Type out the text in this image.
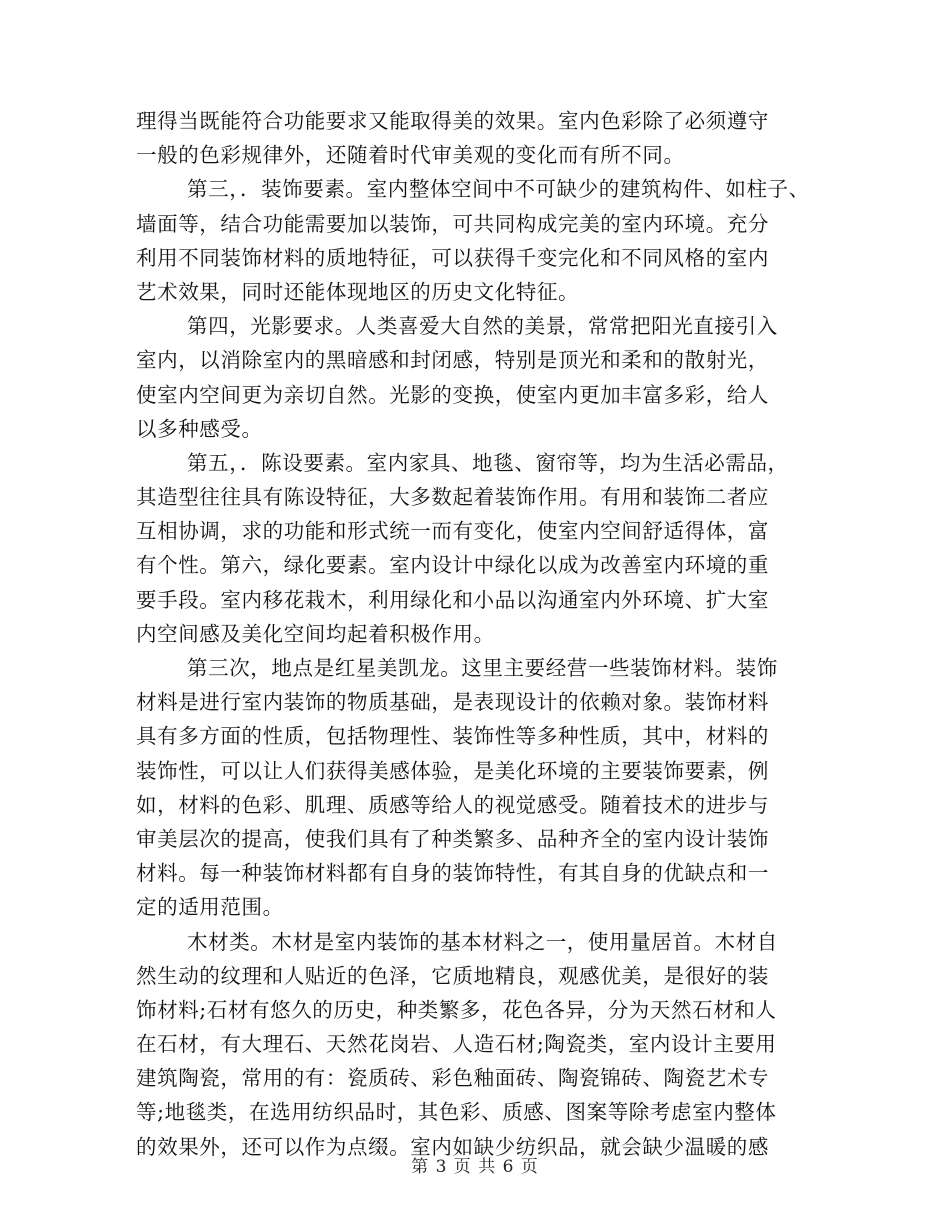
理得当既能符合功能要求又能取得美的效果。室内色彩除了必须遵守
一般的色彩规律外，还随着时代审美观的变化而有所不同。
第三，．装饰要素。室内整体空间中不可缺少的建筑构件、如柱子、
墙面等，结合功能需要加以装饰，可共同构成完美的室内环境。充分
利用不同装饰材料的质地特征，可以获得千变完化和不同风格的室内
艺术效果，同时还能体现地区的历史文化特征。
第四，光影要求。人类喜爱大自然的美景，常常把阳光直接引入
室内，以消除室内的黑暗感和封闭感，特别是顶光和柔和的散射光，
使室内空间更为亲切自然。光影的变换，使室内更加丰富多彩，给人
以多种感受。
第五，．陈设要素。室内家具、地毯、窗帘等，均为生活必需品，
其造型往往具有陈设特征，大多数起着装饰作用。有用和装饰二者应
互相协调，求的功能和形式统一而有变化，使室内空间舒适得体，富
有个性。第六，绿化要素。室内设计中绿化以成为改善室内环境的重
要手段。室内移花栽木，利用绿化和小品以沟通室内外环境、扩大室
内空间感及美化空间均起着积极作用。
第三次，地点是红星美凯龙。这里主要经营一些装饰材料。装饰
材料是进行室内装饰的物质基础，是表现设计的依赖对象。装饰材料
具有多方面的性质，包括物理性、装饰性等多种性质，其中，材料的
装饰性，可以让人们获得美感体验，是美化环境的主要装饰要素，例
如，材料的色彩、肌理、质感等给人的视觉感受。随着技术的进步与
审美层次的提高，使我们具有了种类繁多、品种齐全的室内设计装饰
材料。每一种装饰材料都有自身的装饰特性，有其自身的优缺点和一
定的适用范围。
木材类。木材是室内装饰的基本材料之一，使用量居首。木材自
然生动的纹理和人贴近的色泽，它质地精良，观感优美，是很好的装
饰材料;石材有悠久的历史，种类繁多，花色各异，分为天然石材和人
在石材，有大理石、天然花岗岩、人造石材;陶瓷类，室内设计主要用
建筑陶瓷，常用的有：瓷质砖、彩色釉面砖、陶瓷锦砖、陶瓷艺术专
等;地毯类，在选用纺织品时，其色彩、质感、图案等除考虑室内整体
的效果外，还可以作为点缀。室内如缺少纺织品，就会缺少温暖的感
第 3 页 共 6 页
